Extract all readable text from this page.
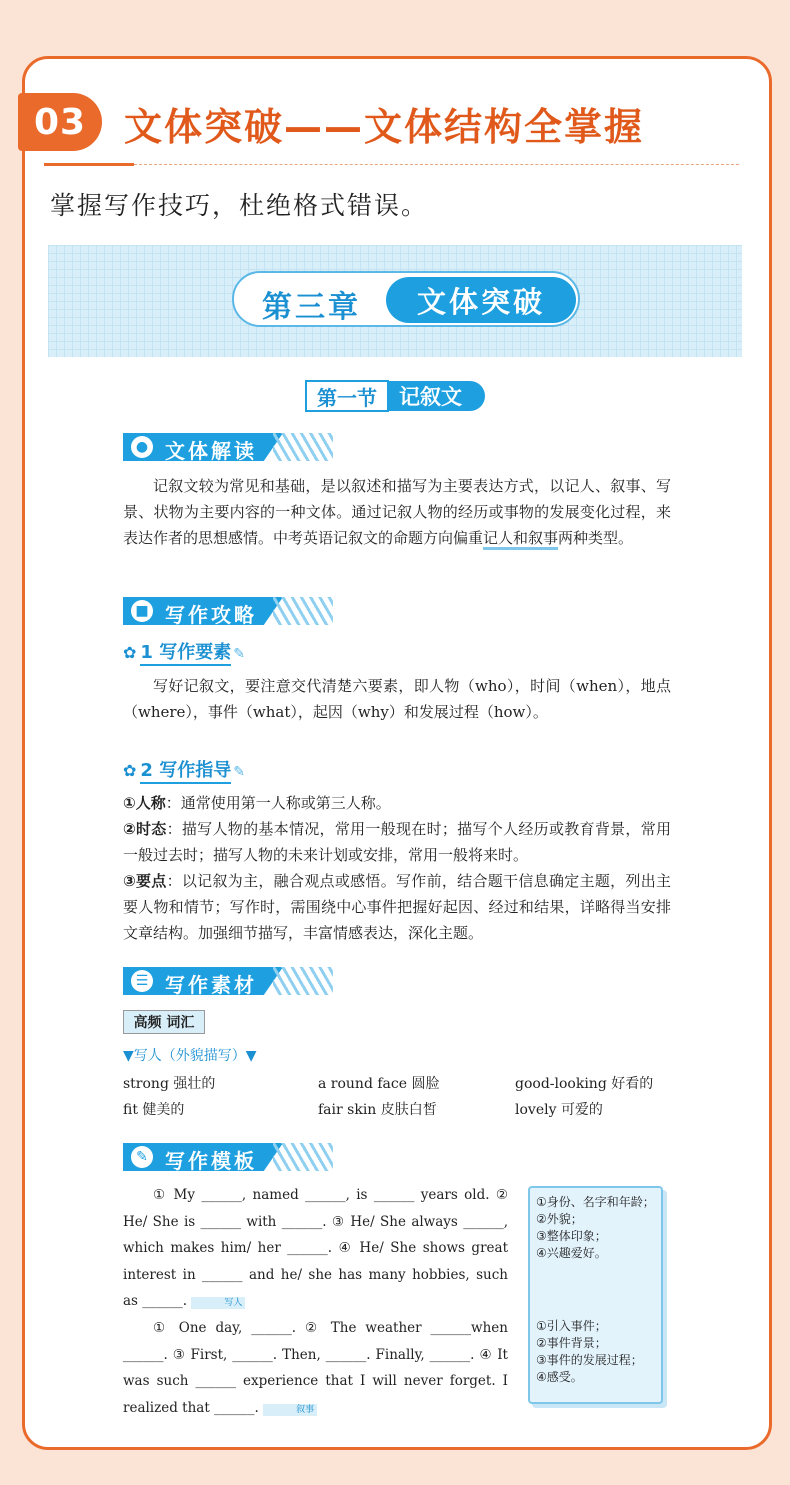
03 文体突破——文体结构全掌握
掌握写作技巧，杜绝格式错误。
第三章	文体突破
第一节	记叙文
● 文体解读
记叙文较为常见和基础，是以叙述和描写为主要表达方式，以记人、叙事、写景、状物为主要内容的一种文体。通过记叙人物的经历或事物的发展变化过程，来表达作者的思想感情。中考英语记叙文的命题方向偏重记人和叙事两种类型。
■ 写作攻略
✿ 1 写作要素 ✎
写好记叙文，要注意交代清楚六要素，即人物（who），时间（when），地点（where），事件（what），起因（why）和发展过程（how）。
✿ 2 写作指导 ✎
①人称：通常使用第一人称或第三人称。
②时态：描写人物的基本情况，常用一般现在时；描写个人经历或教育背景，常用一般过去时；描写人物的未来计划或安排，常用一般将来时。
③要点：以记叙为主，融合观点或感悟。写作前，结合题干信息确定主题，列出主要人物和情节；写作时，需围绕中心事件把握好起因、经过和结果，详略得当安排文章结构。加强细节描写，丰富情感表达，深化主题。
☰ 写作素材
高频 词汇
▼写人（外貌描写）▼
strong 强壮的	a round face 圆脸	good-looking 好看的
fit 健美的	fair skin 皮肤白皙	lovely 可爱的
✎ 写作模板
① My ______, named ______, is ______ years old. ② He/ She is ______ with ______. ③ He/ She always ______, which makes him/ her ______. ④ He/ She shows great interest in ______ and he/ she has many hobbies, such as ______.	写人
① One day, ______. ② The weather ______when ______. ③ First, ______. Then, ______. Finally, ______. ④ It was such ______ experience that I will never forget. I realized that ______.	叙事
①身份、名字和年龄；
②外貌；
③整体印象；
④兴趣爱好。
①引入事件；
②事件背景；
③事件的发展过程；
④感受。
